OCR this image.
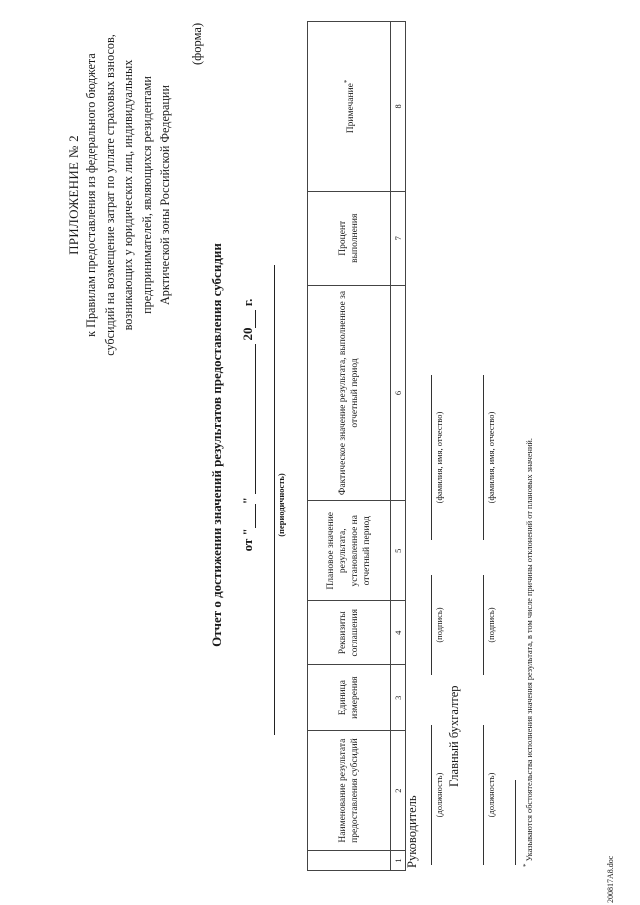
ПРИЛОЖЕНИЕ № 2 к Правилам предоставления из федерального бюджета субсидий на возмещение затрат по уплате страховых взносов, возникающих у юридических лиц, индивидуальных предпринимателей, являющихся резидентами Арктической зоны Российской Федерации
(форма)
Отчет о достижении значений результатов предоставления субсидии от ""  20 г.
(периодичность)
	Наименование результата предоставления субсидий	Единица измерения	Реквизиты соглашения	Плановое значение результата, установленное на отчетный период	Фактическое значение результата, выполненное за отчетный период	Процент выполнения	Примечание*
1	2	3	4	5	6	7	8
Руководитель
(должность)
(подпись)
(фамилия, имя, отчество)
Главный бухгалтер
(должность)
(подпись)
(фамилия, имя, отчество)
* Указываются обстоятельства исполнения значения результата, в том числе причины отклонений от плановых значений.
200817A8.doc
